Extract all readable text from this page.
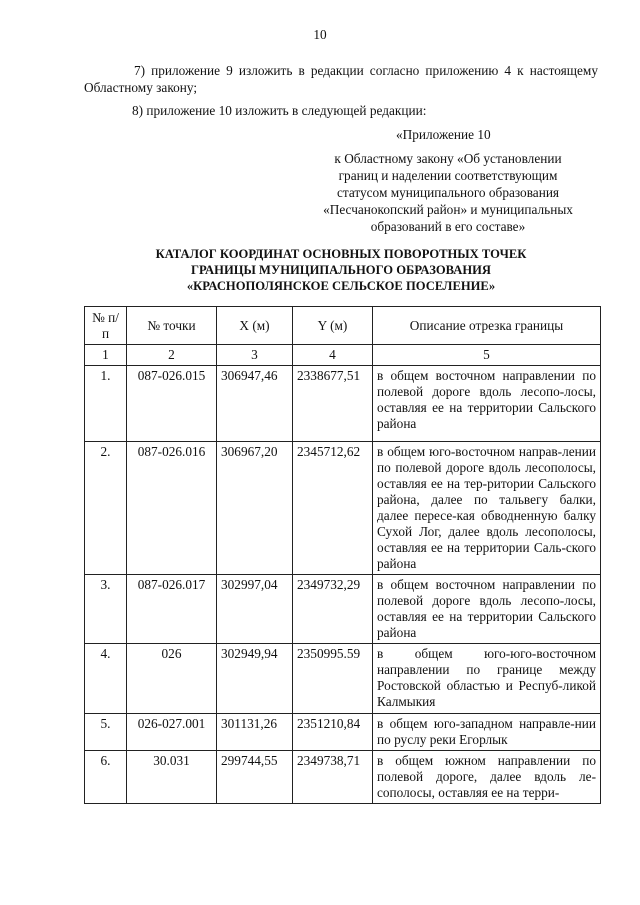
10
7) приложение 9 изложить в редакции согласно приложению 4 к настоящему Областному закону;
8) приложение 10 изложить в следующей редакции:
«Приложение 10
к Областному закону «Об установлении
границ и наделении соответствующим
статусом муниципального образования
«Песчанокопский район» и муниципальных
образований в его составе»
КАТАЛОГ КООРДИНАТ ОСНОВНЫХ ПОВОРОТНЫХ ТОЧЕК
ГРАНИЦЫ МУНИЦИПАЛЬНОГО ОБРАЗОВАНИЯ
«КРАСНОПОЛЯНСКОЕ СЕЛЬСКОЕ ПОСЕЛЕНИЕ»
№ п/п	№ точки	X (м)	Y (м)	Описание отрезка границы
1	2	3	4	5
1.	087-026.015	306947,46	2338677,51	в общем восточном направлении по полевой дороге вдоль лесопо-лосы, оставляя ее на территории Сальского района
2.	087-026.016	306967,20	2345712,62	в общем юго-восточном направ-лении по полевой дороге вдоль лесополосы, оставляя ее на тер-ритории Сальского района, далее по тальвегу балки, далее пересе-кая обводненную балку Сухой Лог, далее вдоль лесополосы, оставляя ее на территории Саль-ского района
3.	087-026.017	302997,04	2349732,29	в общем восточном направлении по полевой дороге вдоль лесопо-лосы, оставляя ее на территории Сальского района
4.	026	302949,94	2350995.59	в общем юго-юго-восточном направлении по границе между Ростовской областью и Респуб-ликой Калмыкия
5.	026-027.001	301131,26	2351210,84	в общем юго-западном направле-нии по руслу реки Егорлык
6.	30.031	299744,55	2349738,71	в общем южном направлении по полевой дороге, далее вдоль ле-сополосы, оставляя ее на терри-
